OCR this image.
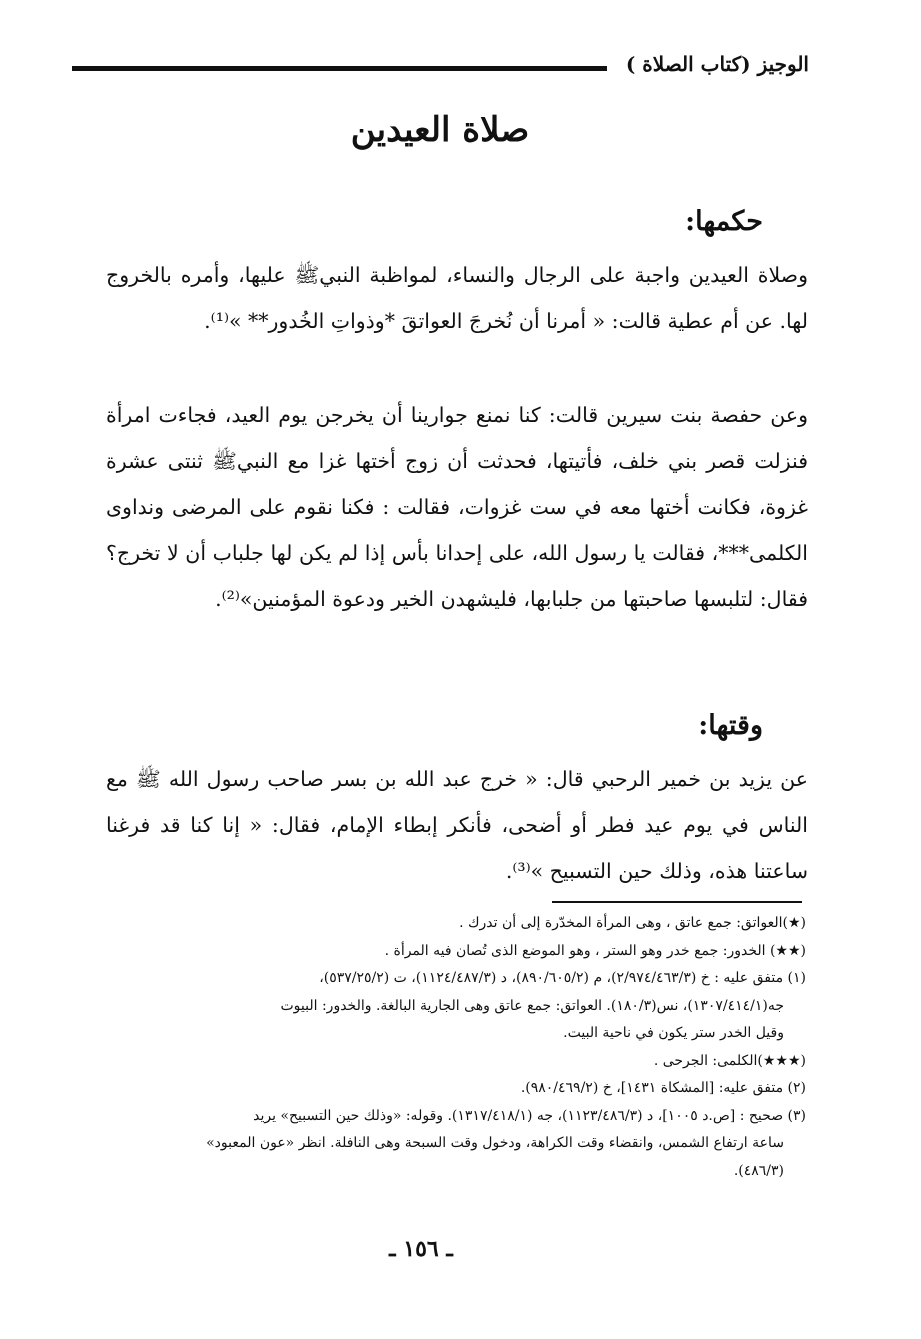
الوجيز (كتاب الصلاة )
صلاة العيدين
حكمها:
وصلاة العيدين واجبة على الرجال والنساء، لمواظبة النبيﷺ عليها، وأمره بالخروج لها. عن أم عطية قالت: « أمرنا أن نُخرجَ العواتقَ *وذواتِ الخُدور** »⁽¹⁾.
وعن حفصة بنت سيرين قالت: كنا نمنع جوارينا أن يخرجن يوم العيد، فجاءت امرأة فنزلت قصر بني خلف، فأتيتها، فحدثت أن زوج أختها غزا مع النبيﷺ ثنتى عشرة غزوة، فكانت أختها معه في ست غزوات، فقالت : فكنا نقوم على المرضى ونداوى الكلمى***، فقالت يا رسول الله، على إحدانا بأس إذا لم يكن لها جلباب أن لا تخرج؟ فقال: لتلبسها صاحبتها من جلبابها، فليشهدن الخير ودعوة المؤمنين»⁽²⁾.
وقتها:
عن يزيد بن خمير الرحبي قال: « خرج عبد الله بن بسر صاحب رسول الله ﷺ مع الناس في يوم عيد فطر أو أضحى، فأنكر إبطاء الإمام، فقال: « إنا كنا قد فرغنا ساعتنا هذه، وذلك حين التسبيح »⁽³⁾.

(★)العواتق: جمع عاتق ، وهى المرأة المخدّرة إلى أن تدرك .

(★★) الخدور: جمع خدر وهو الستر ، وهو الموضع الذى تُصان فيه المرأة .

(١) متفق عليه : خ (٢/٩٧٤/٤٦٣/٣)، م (٨٩٠/٦٠٥/٢)، د (١١٢٤/٤٨٧/٣)، ت (٥٣٧/٢٥/٢)،

جه(١٣٠٧/٤١٤/١)، نس(١٨٠/٣). العواتق: جمع عاتق وهى الجارية البالغة. والخدور: البيوت

وقيل الخدر ستر يكون في ناحية البيت.

(★★★)الكلمى: الجرحى .

(٢) متفق عليه: [المشكاة ١٤٣١]، خ (٩٨٠/٤٦٩/٢).

(٣) صحيح : [ص.د ١٠٠٥]، د (١١٢٣/٤٨٦/٣)، جه (١٣١٧/٤١٨/١). وقوله: «وذلك حين التسبيح» يريد

ساعة ارتفاع الشمس، وانقضاء وقت الكراهة، ودخول وقت السبحة وهى النافلة. انظر «عون المعبود»

(٤٨٦/٣).

ـ ١٥٦ ـ
